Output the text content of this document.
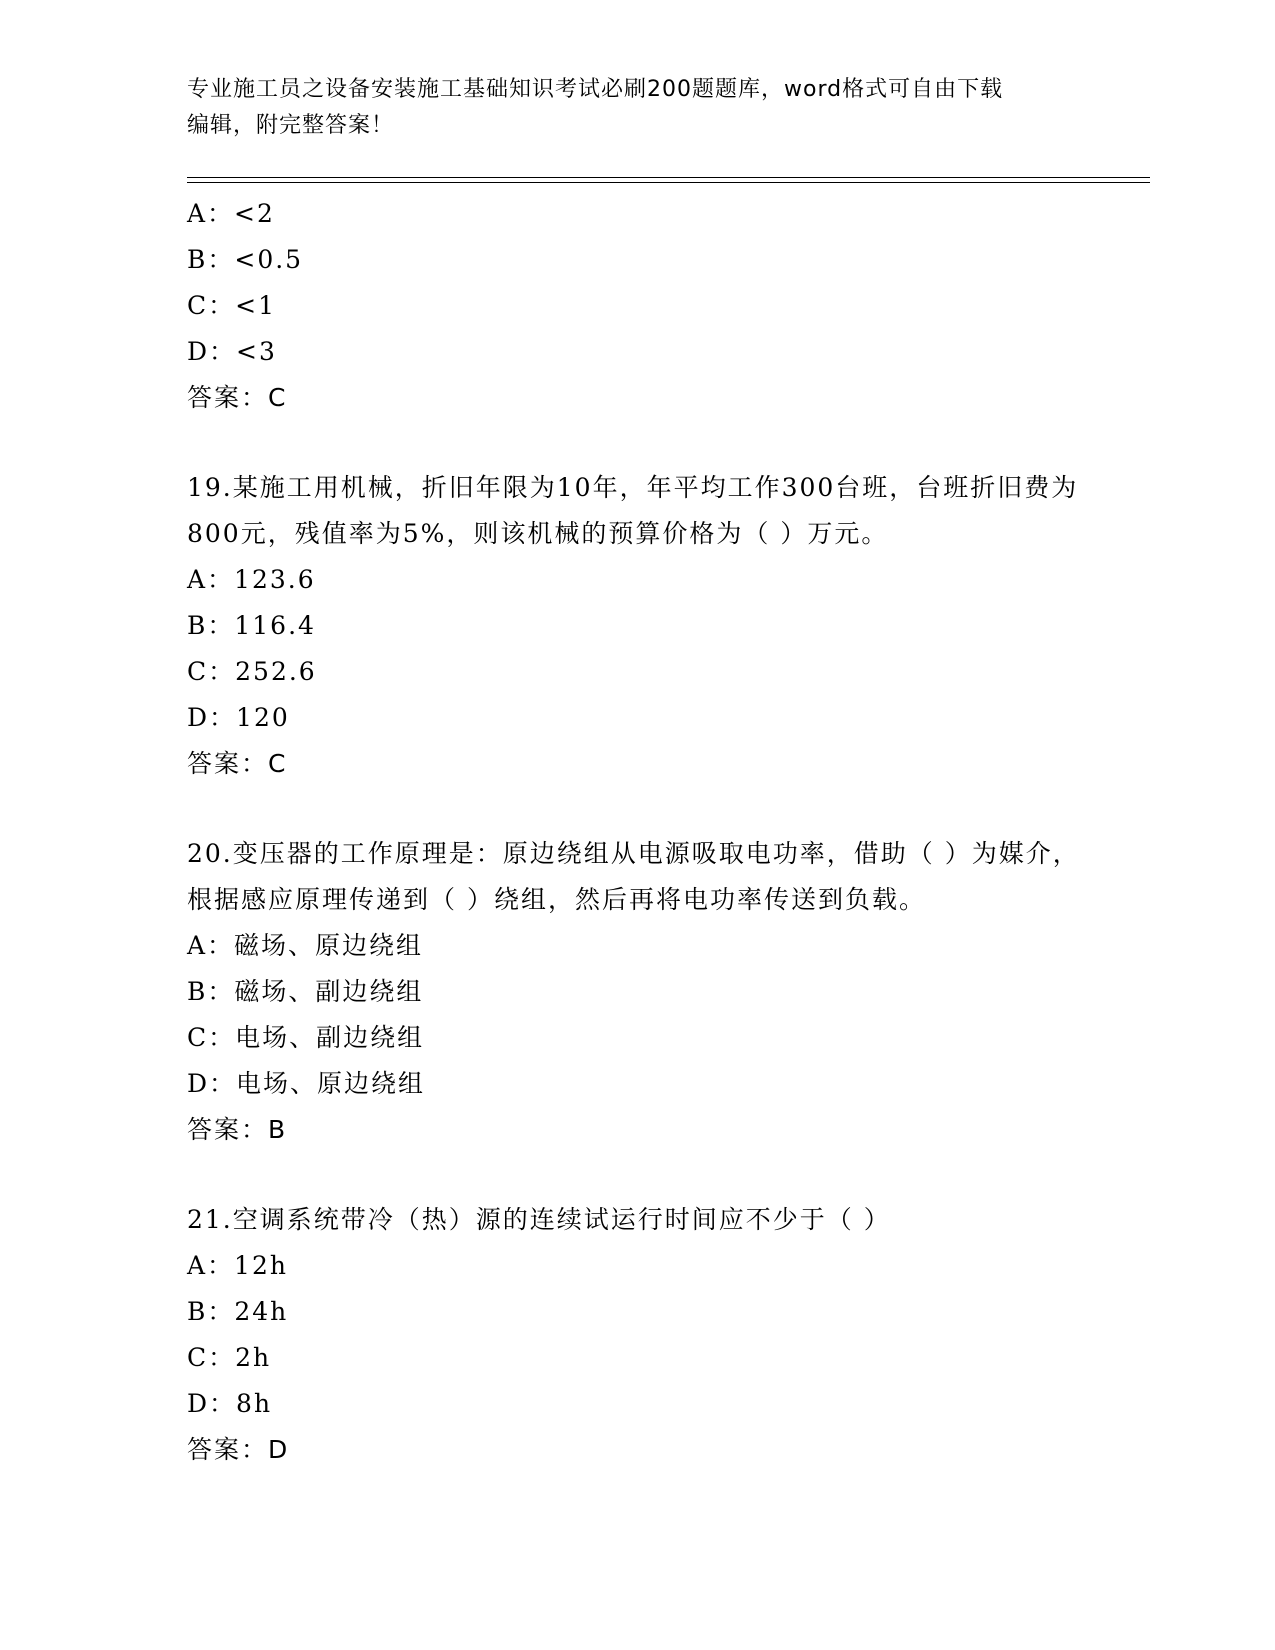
专业施工员之设备安装施工基础知识考试必刷200题题库，word格式可自由下载
编辑，附完整答案！
A：<2
B：<0.5
C：<1
D：<3
答案：C
19.某施工用机械，折旧年限为10年，年平均工作300台班，台班折旧费为800元，残值率为5%，则该机械的预算价格为（ ）万元。
A：123.6
B：116.4
C：252.6
D：120
答案：C
20.变压器的工作原理是：原边绕组从电源吸取电功率，借助（ ）为媒介，根据感应原理传递到（ ）绕组，然后再将电功率传送到负载。
A：磁场、原边绕组
B：磁场、副边绕组
C：电场、副边绕组
D：电场、原边绕组
答案：B
21.空调系统带冷（热）源的连续试运行时间应不少于（ ）
A：12h
B：24h
C：2h
D：8h
答案：D
